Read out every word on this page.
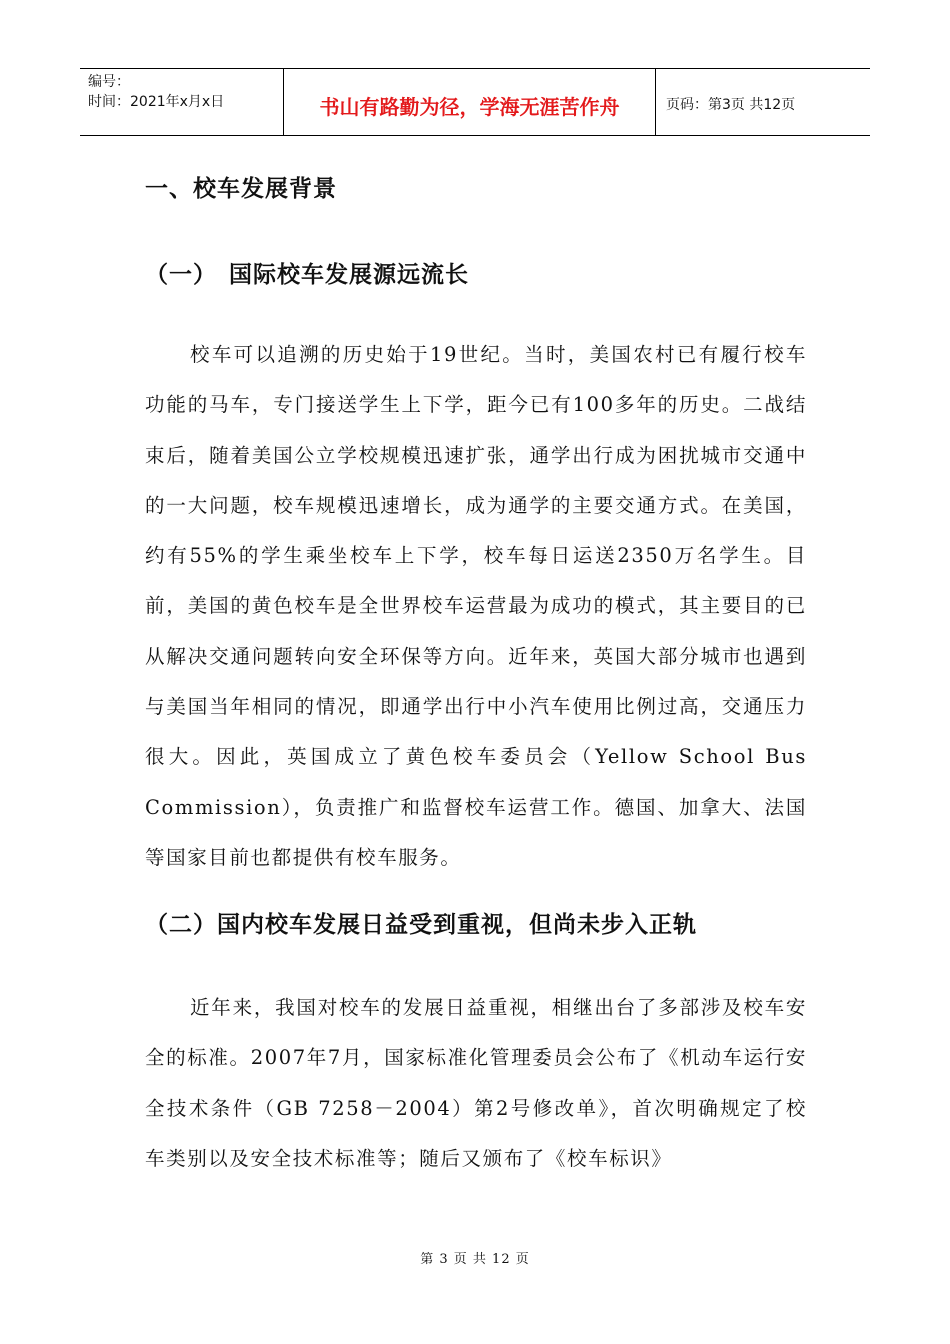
编号：
时间：2021年x月x日	书山有路勤为径，学海无涯苦作舟	页码：第3页 共12页
一、校车发展背景
（一） 国际校车发展源远流长

校车可以追溯的历史始于19世纪。当时，美国农村已有履行校车功能的马车，专门接送学生上下学，距今已有100多年的历史。二战结束后，随着美国公立学校规模迅速扩张，通学出行成为困扰城市交通中的一大问题，校车规模迅速增长，成为通学的主要交通方式。在美国，约有55%的学生乘坐校车上下学，校车每日运送2350万名学生。目前，美国的黄色校车是全世界校车运营最为成功的模式，其主要目的已从解决交通问题转向安全环保等方向。近年来，英国大部分城市也遇到与美国当年相同的情况，即通学出行中小汽车使用比例过高，交通压力很大。因此，英国成立了黄色校车委员会（Yellow School Bus Commission），负责推广和监督校车运营工作。德国、加拿大、法国等国家目前也都提供有校车服务。

（二）国内校车发展日益受到重视，但尚未步入正轨

近年来，我国对校车的发展日益重视，相继出台了多部涉及校车安全的标准。2007年7月，国家标准化管理委员会公布了《机动车运行安全技术条件（GB 7258－2004）第2号修改单》，首次明确规定了校车类别以及安全技术标准等；随后又颁布了《校车标识》

第 3 页 共 12 页
